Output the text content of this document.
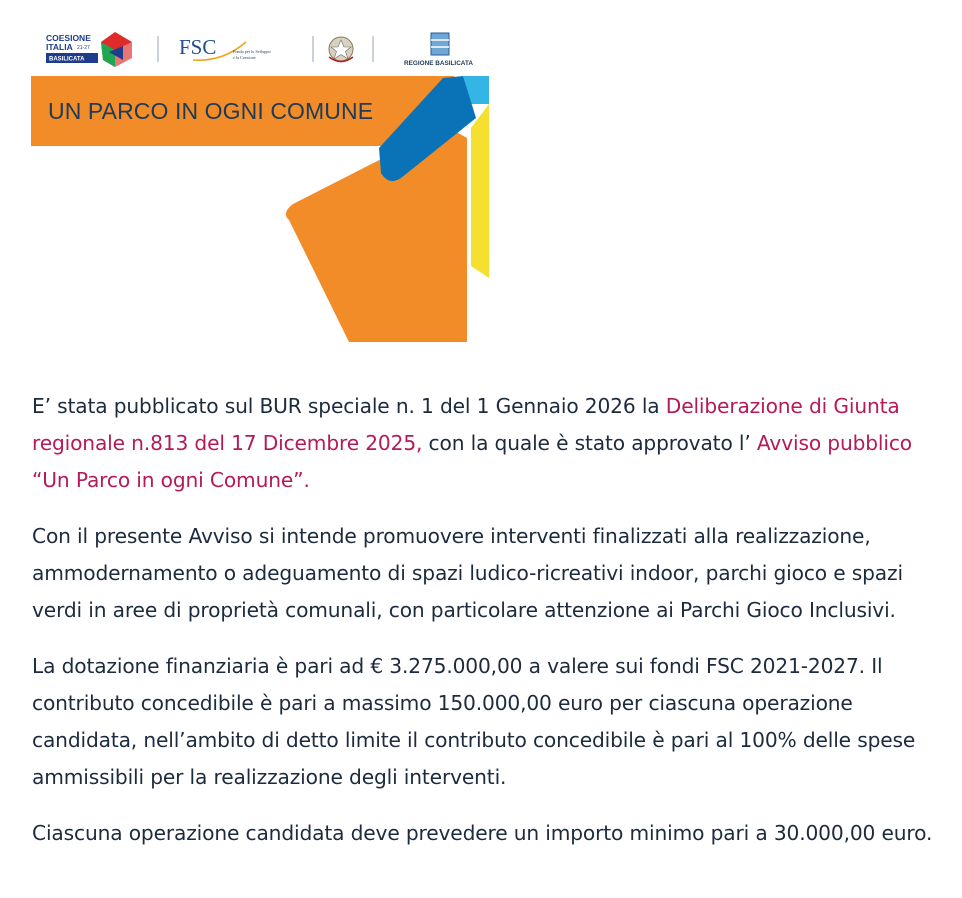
COESIONE
ITALIA 21-27
BASILICATA
FSC	Fondo per lo Sviluppo
e la Coesione
REGIONE BASILICATA
UN PARCO IN OGNI COMUNE

E’ stata pubblicato sul BUR speciale n. 1 del 1 Gennaio 2026 la Deliberazione di Giunta regionale n.813 del 17 Dicembre 2025, con la quale è stato approvato l’ Avviso pubblico “Un Parco in ogni Comune”.

Con il presente Avviso si intende promuovere interventi finalizzati alla realizzazione, ammodernamento o adeguamento di spazi ludico-ricreativi indoor, parchi gioco e spazi verdi in aree di proprietà comunali, con particolare attenzione ai Parchi Gioco Inclusivi.

La dotazione finanziaria è pari ad € 3.275.000,00 a valere sui fondi FSC 2021-2027. Il contributo concedibile è pari a massimo 150.000,00 euro per ciascuna operazione candidata, nell’ambito di detto limite il contributo concedibile è pari al 100% delle spese ammissibili per la realizzazione degli interventi.

Ciascuna operazione candidata deve prevedere un importo minimo pari a 30.000,00 euro.
